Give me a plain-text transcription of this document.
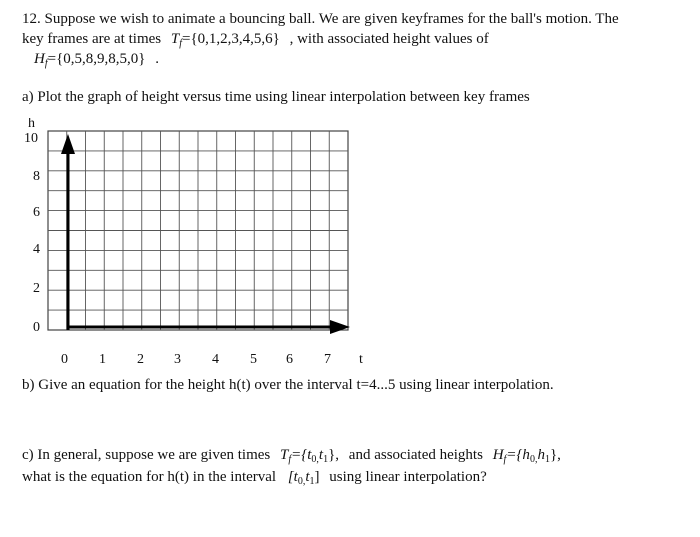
12. Suppose we wish to animate a bouncing ball. We are given keyframes for the ball's motion. The
key frames are at times $T_f=\{0,1,2,3,4,5,6\}$ , with associated height values of
$H_f=\{0,5,8,9,8,5,0\}$ .
a) Plot the graph of height versus time using linear interpolation between key frames
h
10
8
6
4
2
0
0 1 2 3 4 5 6 7 t
b) Give an equation for the height h(t) over the interval t=4...5 using linear interpolation.
c) In general, suppose we are given times $T_f=\{t_{0,}t_1\}$, and associated heights $H_f=\{h_{0,}h_1\}$,
what is the equation for h(t) in the interval $[t_{0,}t_1]$ using linear interpolation?
